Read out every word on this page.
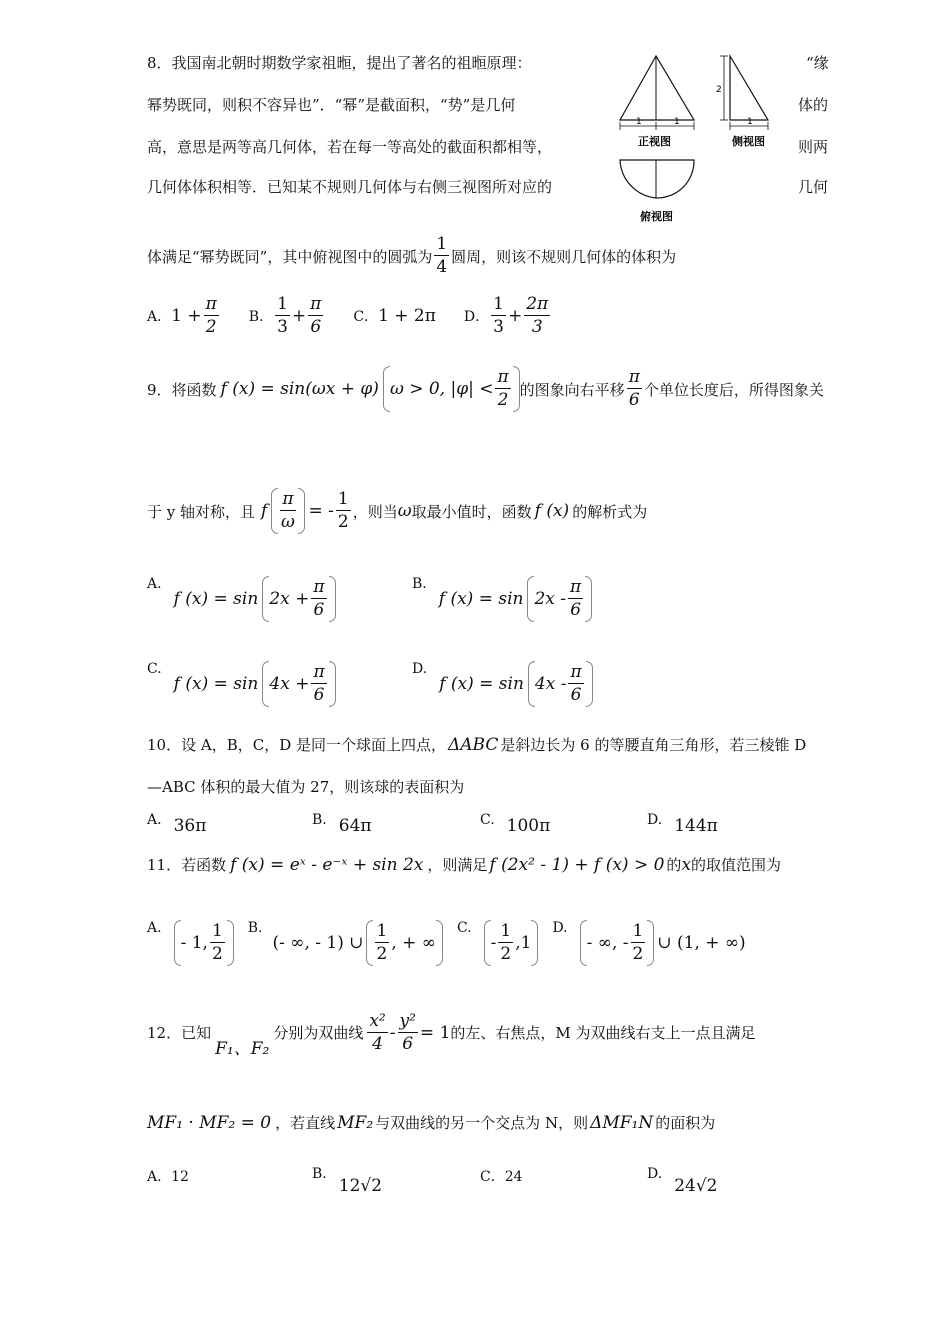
8．我国南北朝时期数学家祖暅，提出了著名的祖暅原理：	“缘
幂势既同，则积不容异也”．“幂”是截面积，“势”是几何	体的
高，意思是两等高几何体，若在每一等高处的截面积都相等，	则两
几何体体积相等．已知某不规则几何体与右侧三视图所对应的	几何
1	1
正视图
2
1
侧视图
俯视图
体满足“幂势既同”，其中俯视图中的圆弧为 $\frac{1}{4}$ 圆周，则该不规则几何体的体积为
A． $1 + \frac{\pi}{2}$ B． $\frac{1}{3} + \frac{\pi}{6}$ C． 1 + 2π D． $\frac{1}{3} + \frac{2\pi}{3}$
9．将函数 f (x) = sin(ωx + φ) ω > 0, $|\varphi| < \frac{\pi}{2}$ 的图象向右平移 $\frac{\pi}{6}$ 个单位长度后，所得图象关
于 y 轴对称，且 f $\frac{\pi}{\omega}$ = - $\frac{1}{2}$ ，则当 ω 取最小值时，函数 f (x) 的解析式为
A.
f $(x) = \sin 2x + \frac{\pi}{6}$	B.
f $(x) = \sin 2x - \frac{\pi}{6}$
C.
f $(x) = \sin 4x + \frac{\pi}{6}$	D.
f $(x) = \sin 4x - \frac{\pi}{6}$
10．设 A，B，C，D 是同一个球面上四点， ΔABC 是斜边长为 6 的等腰直角三角形，若三棱锥 D
—ABC 体积的最大值为 27，则该球的表面积为
A. 36π	B. 64π	C. 100π	D. 144π
11．若函数 f (x) = eˣ - e⁻ˣ + sin 2x ，则满足 f (2x² - 1) + f (x) > 0 的 x 的取值范围为
A.
- 1, $\frac{1}{2} B$.
(- ∞, - 1) ∪ $\frac{1}{2}$ , + ∞
C.
- $\frac{1}{2} ,1$
D.
- ∞, - $\frac{1}{2}$ ∪ (1, + ∞)
12．已知
F₁、F₂
分别为双曲线 $\frac{\text{x²}}{4} - \frac{\text{y²}}{6} = 1$ 的左、右焦点，M 为双曲线右支上一点且满足
MF₁ · MF₂ = 0 ，若直线 MF₂ 与双曲线的另一个交点为 N，则 ΔMF₁N 的面积为
A．12	B.
12√2	C．24	D.
24√2
